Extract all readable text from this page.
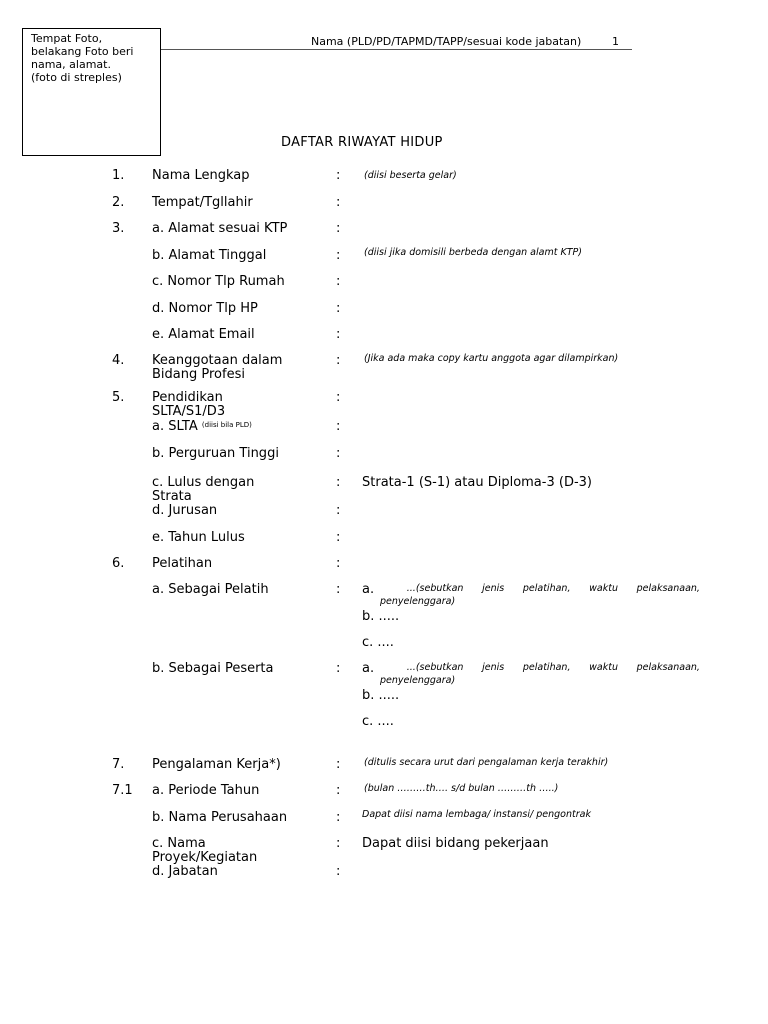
Tempat Foto,
belakang Foto beri
nama, alamat.
(foto di streples)
Nama (PLD/PD/TAPMD/TAPP/sesuai kode jabatan)	1
DAFTAR RIWAYAT HIDUP
1. Nama Lengkap	: (diisi beserta gelar)
2. Tempat/Tgllahir	:
3. a. Alamat sesuai KTP	:
b. Alamat Tinggal	: (diisi jika domisili berbeda dengan alamt KTP)
c. Nomor Tlp Rumah	:
d. Nomor Tlp HP	:
e. Alamat Email	:
4. Keanggotaan dalam
Bidang Profesi
: (Jika ada maka copy kartu anggota agar dilampirkan)
5. Pendidikan
SLTA/S1/D3
:
a. SLTA $^{(diisi bila PLD)}$	:
b. Perguruan Tinggi	:
c. Lulus dengan
Strata
: Strata-1 (S-1) atau Diploma-3 (D-3)
d. Jurusan	:
e. Tahun Lulus	:
6. Pelatihan	:
a. Sebagai Pelatih	: a.	...(sebutkan jenis pelatihan, waktu pelaksanaan,
penyelenggara)
b. .....
c. ....
b. Sebagai Peserta	: a.	...(sebutkan jenis pelatihan, waktu pelaksanaan,
penyelenggara)
b. .....
c. ....
7. Pengalaman Kerja*)	: (ditulis secara urut dari pengalaman kerja terakhir)
7.1 a. Periode Tahun	: (bulan ………th…. s/d bulan ………th …..)
b. Nama Perusahaan	: Dapat diisi nama lembaga/ instansi/ pengontrak
c. Nama
Proyek/Kegiatan
: Dapat diisi bidang pekerjaan
d. Jabatan	:
